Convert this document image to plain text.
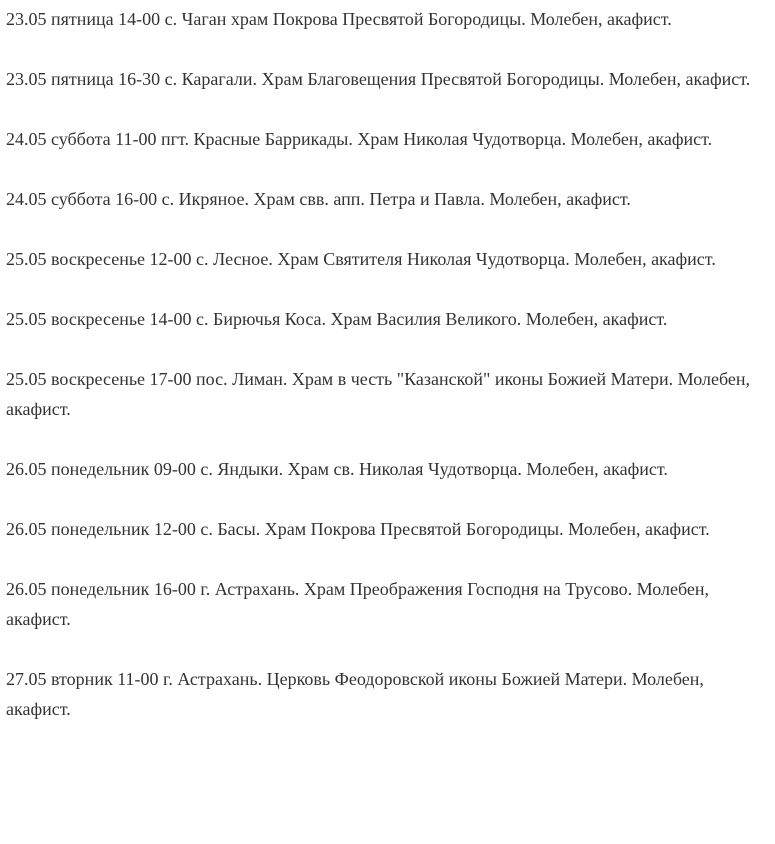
23.05 пятница 14-00 с. Чаган храм Покрова Пресвятой Богородицы. Молебен, акафист.
23.05 пятница 16-30 с. Карагали. Храм Благовещения Пресвятой Богородицы. Молебен, акафист.
24.05 суббота 11-00 пгт. Красные Баррикады. Храм Николая Чудотворца. Молебен, акафист.
24.05 суббота 16-00 с. Икряное. Храм свв. апп. Петра и Павла. Молебен, акафист.
25.05 воскресенье 12-00 с. Лесное. Храм Святителя Николая Чудотворца. Молебен, акафист.
25.05 воскресенье 14-00 с. Бирючья Коса. Храм Василия Великого. Молебен, акафист.
25.05 воскресенье 17-00 пос. Лиман. Храм в честь "Казанской" иконы Божией Матери. Молебен, акафист.
26.05 понедельник 09-00 с. Яндыки. Храм св. Николая Чудотворца. Молебен, акафист.
26.05 понедельник 12-00 с. Басы. Храм Покрова Пресвятой Богородицы. Молебен, акафист.
26.05 понедельник 16-00 г. Астрахань. Храм Преображения Господня на Трусово. Молебен, акафист.
27.05 вторник 11-00 г. Астрахань. Церковь Феодоровской иконы Божией Матери. Молебен, акафист.
